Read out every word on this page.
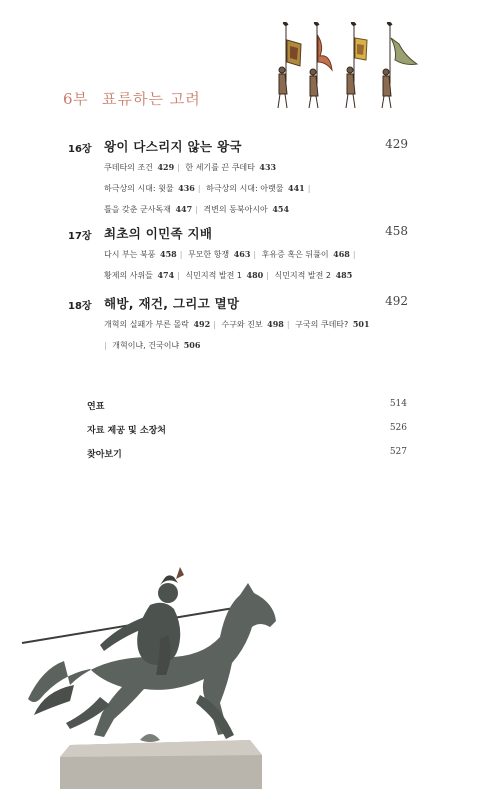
6부 표류하는 고려
16장 왕이 다스리지 않는 왕국	429
쿠데타의 조건 429 | 한 세기를 끈 쿠데타 433
하극상의 시대: 윗물 436 | 하극상의 시대: 아랫물 441 |
틀을 갖춘 군사독재 447 | 격변의 동북아시아 454
17장 최초의 이민족 지배	458
다시 부는 북풍 458 | 무모한 항쟁 463 | 후유증 혹은 뒤풀이 468 |
황제의 사위들 474 | 식민지적 발전 1 480 | 식민지적 발전 2 485
18장 해방, 재건, 그리고 멸망	492
개혁의 실패가 부른 몰락 492 | 수구와 진보 498 | 구국의 쿠데타? 501
| 개혁이냐, 건국이냐 506
연표	514
자료 제공 및 소장처	526
찾아보기	527
